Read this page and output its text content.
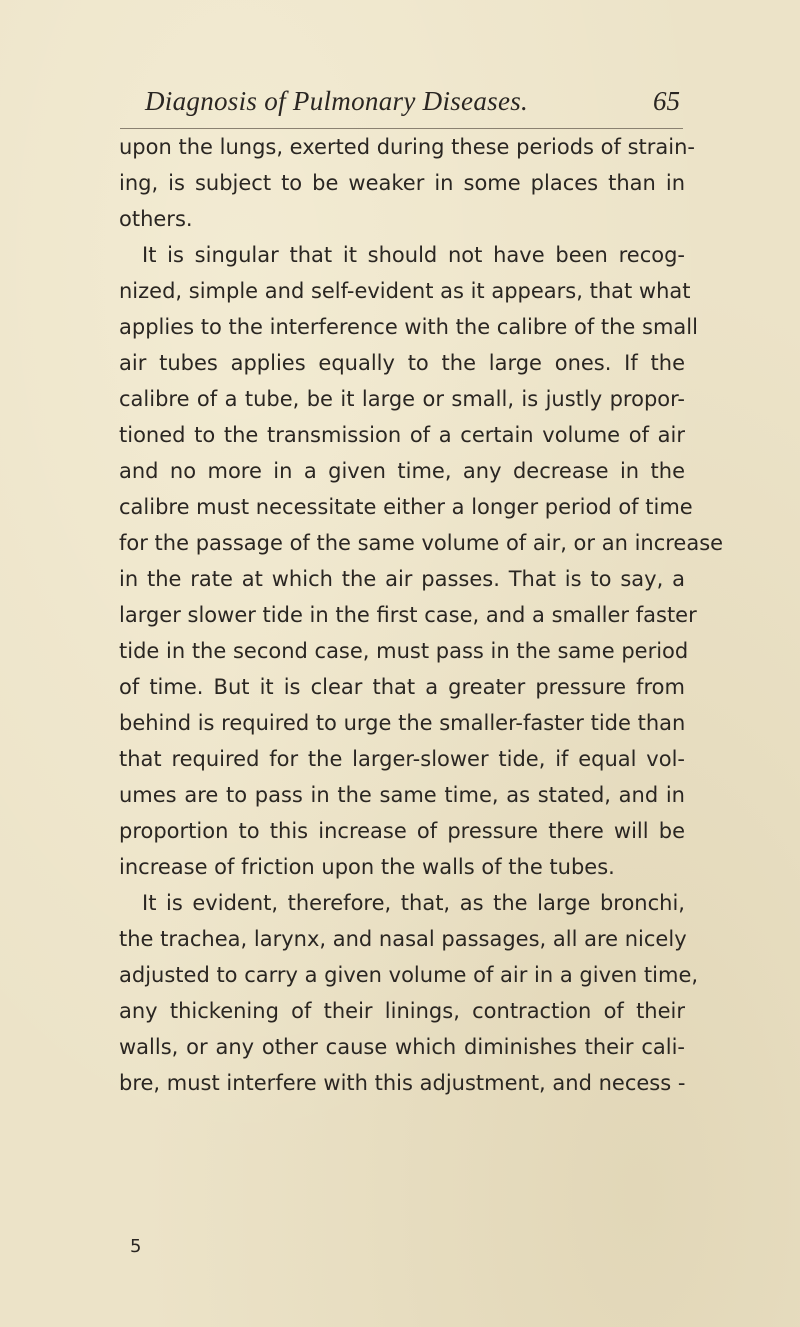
Diagnosis of Pulmonary Diseases.	65
upon the lungs, exerted during these periods of strain-
ing, is subject to be weaker in some places than in
others.
It is singular that it should not have been recog-
nized, simple and self-evident as it appears, that what
applies to the interference with the calibre of the small
air tubes applies equally to the large ones. If the
calibre of a tube, be it large or small, is justly propor-
tioned to the transmission of a certain volume of air
and no more in a given time, any decrease in the
calibre must necessitate either a longer period of time
for the passage of the same volume of air, or an increase
in the rate at which the air passes. That is to say, a
larger slower tide in the first case, and a smaller faster
tide in the second case, must pass in the same period
of time. But it is clear that a greater pressure from
behind is required to urge the smaller-faster tide than
that required for the larger-slower tide, if equal vol-
umes are to pass in the same time, as stated, and in
proportion to this increase of pressure there will be
increase of friction upon the walls of the tubes.
It is evident, therefore, that, as the large bronchi,
the trachea, larynx, and nasal passages, all are nicely
adjusted to carry a given volume of air in a given time,
any thickening of their linings, contraction of their
walls, or any other cause which diminishes their cali-
bre, must interfere with this adjustment, and necess -
5
